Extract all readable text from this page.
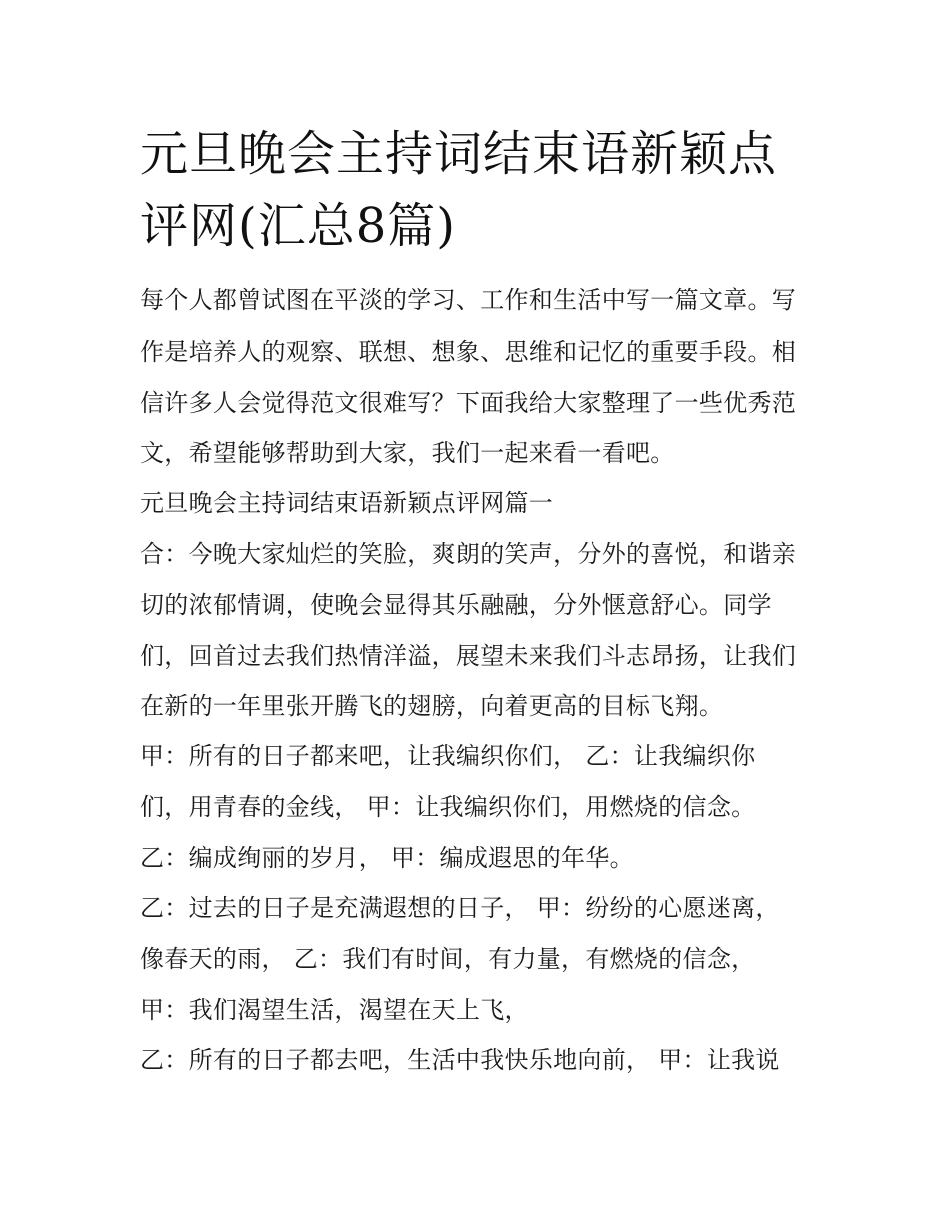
元旦晚会主持词结束语新颖点
评网(汇总8篇)
每个人都曾试图在平淡的学习、工作和生活中写一篇文章。写
作是培养人的观察、联想、想象、思维和记忆的重要手段。相
信许多人会觉得范文很难写？下面我给大家整理了一些优秀范
文，希望能够帮助到大家，我们一起来看一看吧。
元旦晚会主持词结束语新颖点评网篇一
合：今晚大家灿烂的笑脸，爽朗的笑声，分外的喜悦，和谐亲
切的浓郁情调，使晚会显得其乐融融，分外惬意舒心。同学
们，回首过去我们热情洋溢，展望未来我们斗志昂扬，让我们
在新的一年里张开腾飞的翅膀，向着更高的目标飞翔。
甲：所有的日子都来吧，让我编织你们， 乙：让我编织你
们，用青春的金线， 甲：让我编织你们，用燃烧的信念。
乙：编成绚丽的岁月， 甲：编成遐思的年华。
乙：过去的日子是充满遐想的日子， 甲：纷纷的心愿迷离，
像春天的雨， 乙：我们有时间，有力量，有燃烧的信念，
甲：我们渴望生活，渴望在天上飞，
乙：所有的日子都去吧，生活中我快乐地向前， 甲：让我说
